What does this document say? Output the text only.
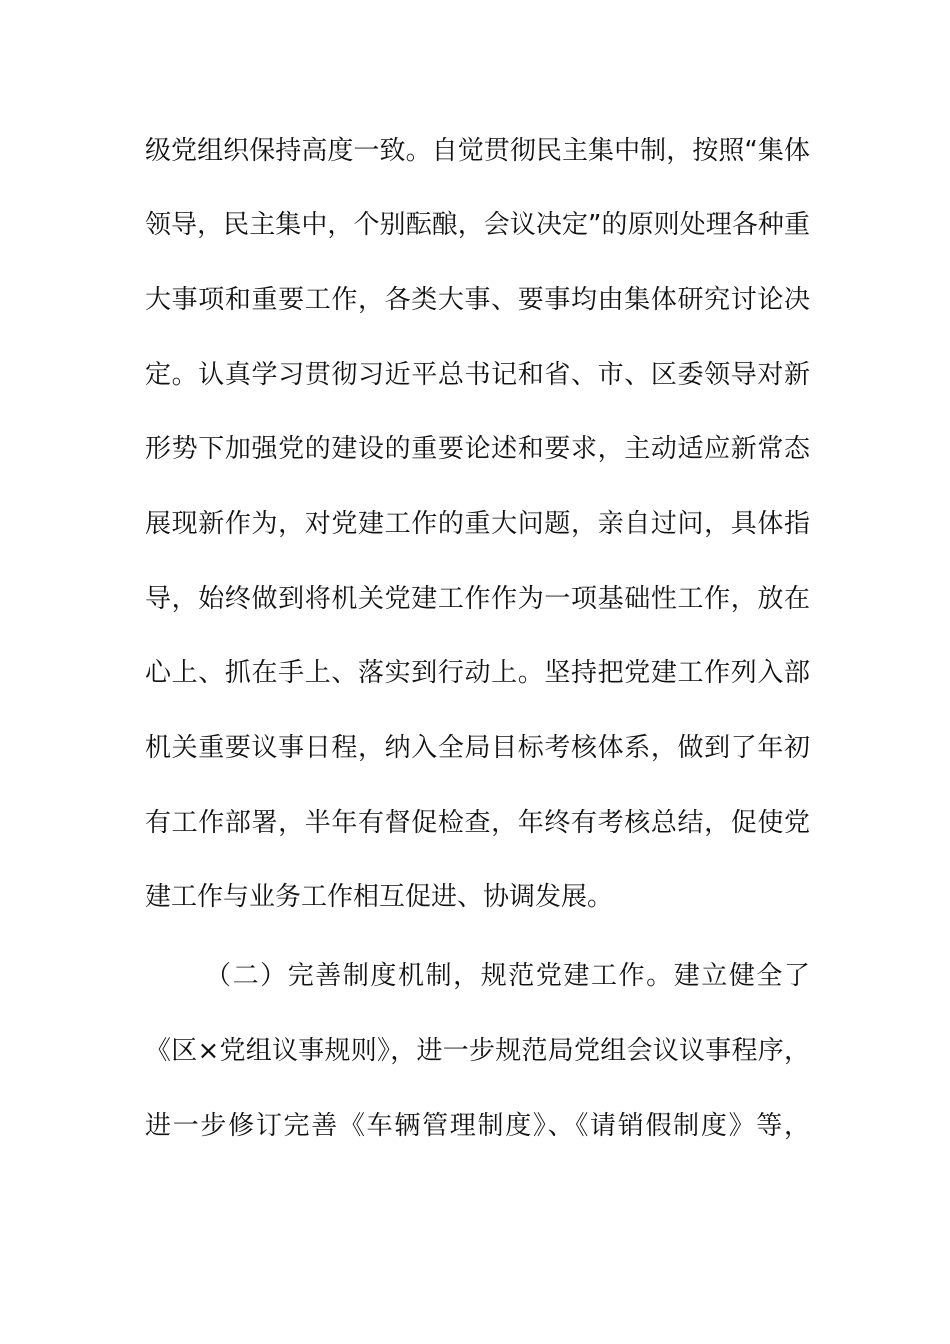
级党组织保持高度一致。自觉贯彻民主集中制，按照“集体
领导，民主集中，个别酝酿，会议决定”的原则处理各种重
大事项和重要工作，各类大事、要事均由集体研究讨论决
定。认真学习贯彻习近平总书记和省、市、区委领导对新
形势下加强党的建设的重要论述和要求，主动适应新常态
展现新作为，对党建工作的重大问题，亲自过问，具体指
导，始终做到将机关党建工作作为一项基础性工作，放在
心上、抓在手上、落实到行动上。坚持把党建工作列入部
机关重要议事日程，纳入全局目标考核体系，做到了年初
有工作部署，半年有督促检查，年终有考核总结，促使党
建工作与业务工作相互促进、协调发展。
（二）完善制度机制，规范党建工作。建立健全了
《区×党组议事规则》，进一步规范局党组会议议事程序，
进一步修订完善《车辆管理制度》、《请销假制度》等，
